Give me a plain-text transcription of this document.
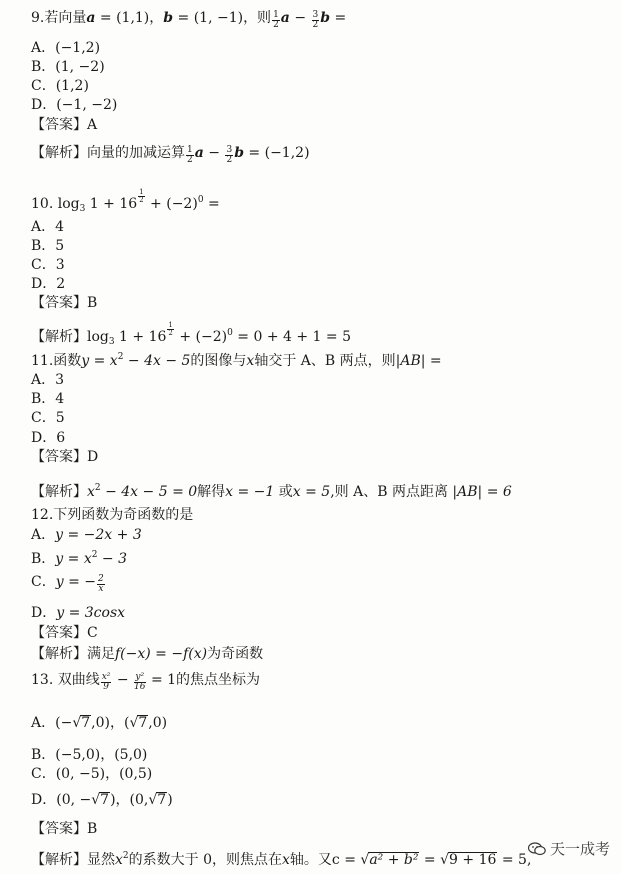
9.若向量a = (1,1)，b = (1, −1)，则 $\frac{1}{2}$ $a - \frac{3}{2}$ b =
A．(−1,2)
B．(1, −2)
C．(1,2)
D．(−1, −2)
【答案】A
【解析】向量的加减运算 $\frac{1}{2}$ $a - \frac{3}{2}$ b = (−1,2)
10. $\log_3 1 + 16$ $^{\frac{1}{2}} + (-2)^0$ =
A．4
B．5
C．3
D．2
【答案】B
【解析】$\log_3 1 + 16$ $^{\frac{1}{2}} + (-2)^0 = 0 + 4 + 1 = 5$
11.函数$y = x^2 - 4x - 5$的图像与x轴交于 A、B 两点，则|AB| =
A．3
B．4
C．5
D．6
【答案】D
【解析】$x^2 - 4x - 5 = 0$解得x = −1 或x = 5,则 A、B 两点距离 |AB| = 6
12.下列函数为奇函数的是
A．y = −2x + 3
B．$y = x^2 - 3$
C．y = − $\frac{2}{x}$
D．y = 3cosx
【答案】C
【解析】满足f(−x) = −f(x)为奇函数
13. 双曲线 $\frac{\text{x²}}{9} - \frac{\text{y²}}{16} = 1$的焦点坐标为
A．(−√7,0)，(√7,0)
B．(−5,0)，(5,0)
C．(0, −5)，(0,5)
D．(0, −√7)，(0,√7)
【答案】B
【解析】显然$x^2$的系数大于 0，则焦点在x轴。又c = √a² + b² = √9 + 16 = 5,
天一成考
